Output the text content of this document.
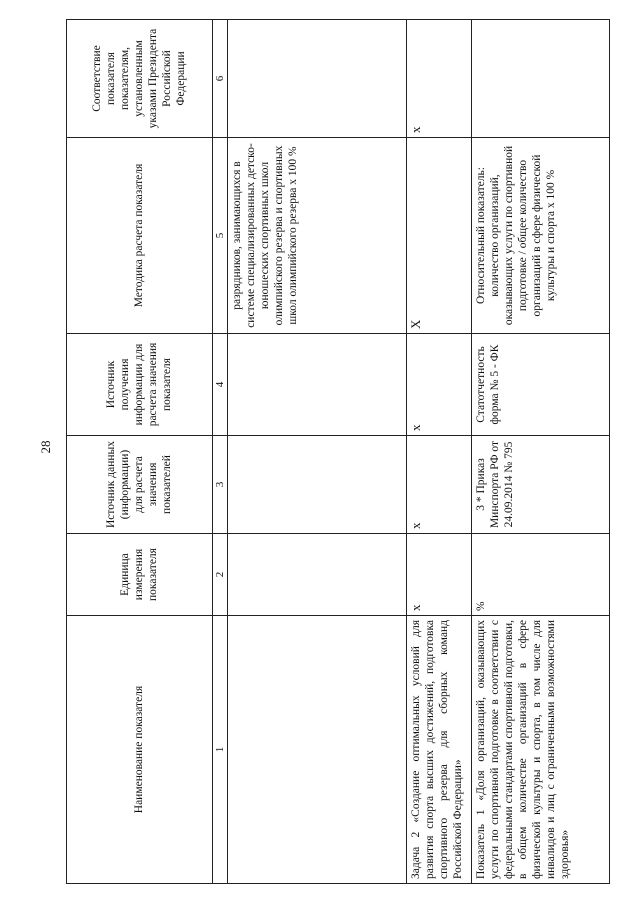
28
Наименование показателя	Единица измерения показателя	Источник данных (информации) для расчета значения показателей	Источник получения информации для расчета значения показателя	Методика расчета показателя	Соответствие показателя показателям, установленным указами Президента Российской Федерации
1	2	3	4	5	6
				разрядников, занимающихся в системе специализированных детско-юношеских спортивных школ олимпийского резерва и спортивных школ олимпийского резерва х 100 %	
Задача 2 «Создание оптимальных условий для развития спорта высших достижений, подготовка спортивного резерва для сборных команд Российской Федерации»	х	х	х	Х	х
Показатель 1 «Доля организаций, оказывающих услуги по спортивной подготовке в соответствии с федеральными стандартами спортивной подготовки, в общем количестве организаций в сфере физической культуры и спорта, в том числе для инвалидов и лиц с ограниченными возможностями здоровья»	%	3 * Приказ Минспорта РФ от 24.09.2014 № 795	Статотчетность форма № 5 - ФК	Относительный показатель: количество организаций, оказывающих услуги по спортивной подготовке / общее количество организаций в сфере физической культуры и спорта х 100 %	
